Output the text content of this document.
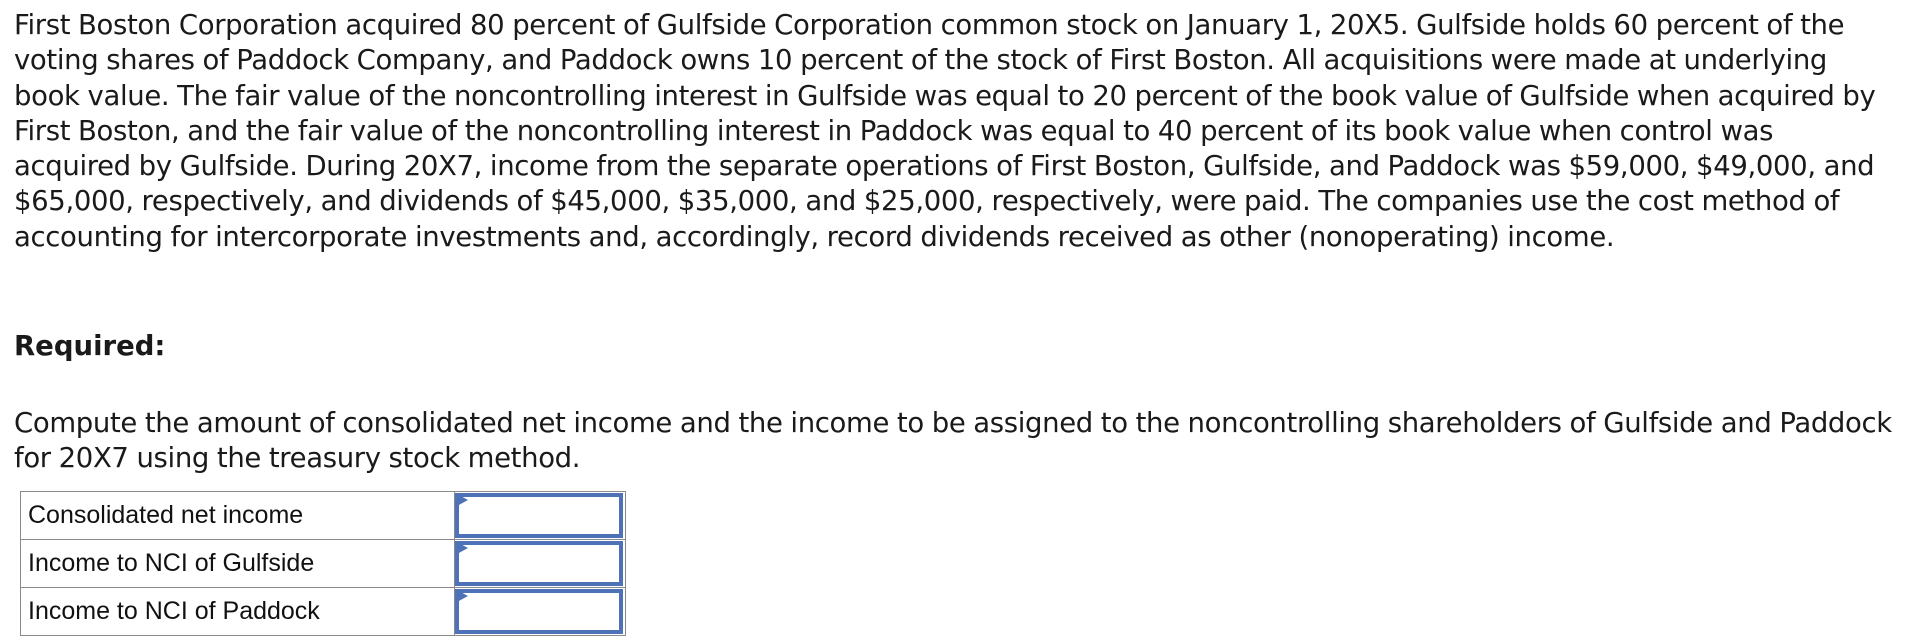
First Boston Corporation acquired 80 percent of Gulfside Corporation common stock on January 1, 20X5. Gulfside holds 60 percent of the voting shares of Paddock Company, and Paddock owns 10 percent of the stock of First Boston. All acquisitions were made at underlying book value. The fair value of the noncontrolling interest in Gulfside was equal to 20 percent of the book value of Gulfside when acquired by First Boston, and the fair value of the noncontrolling interest in Paddock was equal to 40 percent of its book value when control was acquired by Gulfside. During 20X7, income from the separate operations of First Boston, Gulfside, and Paddock was $59,000, $49,000, and $65,000, respectively, and dividends of $45,000, $35,000, and $25,000, respectively, were paid. The companies use the cost method of accounting for intercorporate investments and, accordingly, record dividends received as other (nonoperating) income.

Required:

Compute the amount of consolidated net income and the income to be assigned to the noncontrolling shareholders of Gulfside and Paddock for 20X7 using the treasury stock method.

Consolidated net income	

Income to NCI of Gulfside	

Income to NCI of Paddock	
